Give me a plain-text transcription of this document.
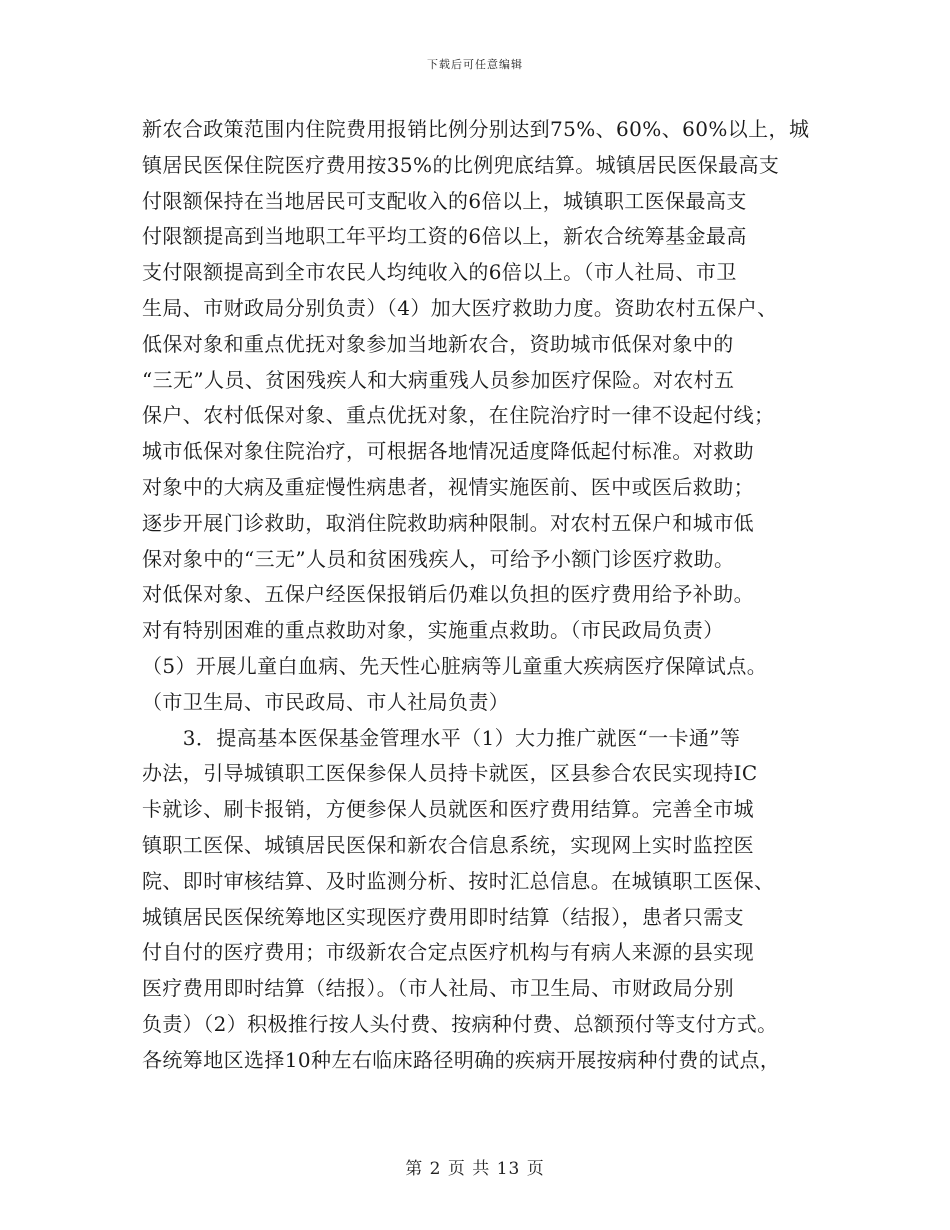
下载后可任意编辑
新农合政策范围内住院费用报销比例分别达到75%、60%、60%以上，城
镇居民医保住院医疗费用按35%的比例兜底结算。城镇居民医保最高支
付限额保持在当地居民可支配收入的6倍以上，城镇职工医保最高支
付限额提高到当地职工年平均工资的6倍以上，新农合统筹基金最高
支付限额提高到全市农民人均纯收入的6倍以上。（市人社局、市卫
生局、市财政局分别负责）（4）加大医疗救助力度。资助农村五保户、
低保对象和重点优抚对象参加当地新农合，资助城市低保对象中的
“三无”人员、贫困残疾人和大病重残人员参加医疗保险。对农村五
保户、农村低保对象、重点优抚对象，在住院治疗时一律不设起付线；
城市低保对象住院治疗，可根据各地情况适度降低起付标准。对救助
对象中的大病及重症慢性病患者，视情实施医前、医中或医后救助；
逐步开展门诊救助，取消住院救助病种限制。对农村五保户和城市低
保对象中的“三无”人员和贫困残疾人，可给予小额门诊医疗救助。
对低保对象、五保户经医保报销后仍难以负担的医疗费用给予补助。
对有特别困难的重点救助对象，实施重点救助。（市民政局负责）
（5）开展儿童白血病、先天性心脏病等儿童重大疾病医疗保障试点。
（市卫生局、市民政局、市人社局负责）
　　3．提高基本医保基金管理水平（1）大力推广就医“一卡通”等
办法，引导城镇职工医保参保人员持卡就医，区县参合农民实现持IC
卡就诊、刷卡报销，方便参保人员就医和医疗费用结算。完善全市城
镇职工医保、城镇居民医保和新农合信息系统，实现网上实时监控医
院、即时审核结算、及时监测分析、按时汇总信息。在城镇职工医保、
城镇居民医保统筹地区实现医疗费用即时结算（结报），患者只需支
付自付的医疗费用；市级新农合定点医疗机构与有病人来源的县实现
医疗费用即时结算（结报）。（市人社局、市卫生局、市财政局分别
负责）（2）积极推行按人头付费、按病种付费、总额预付等支付方式。
各统筹地区选择10种左右临床路径明确的疾病开展按病种付费的试点，
第 2 页 共 13 页
